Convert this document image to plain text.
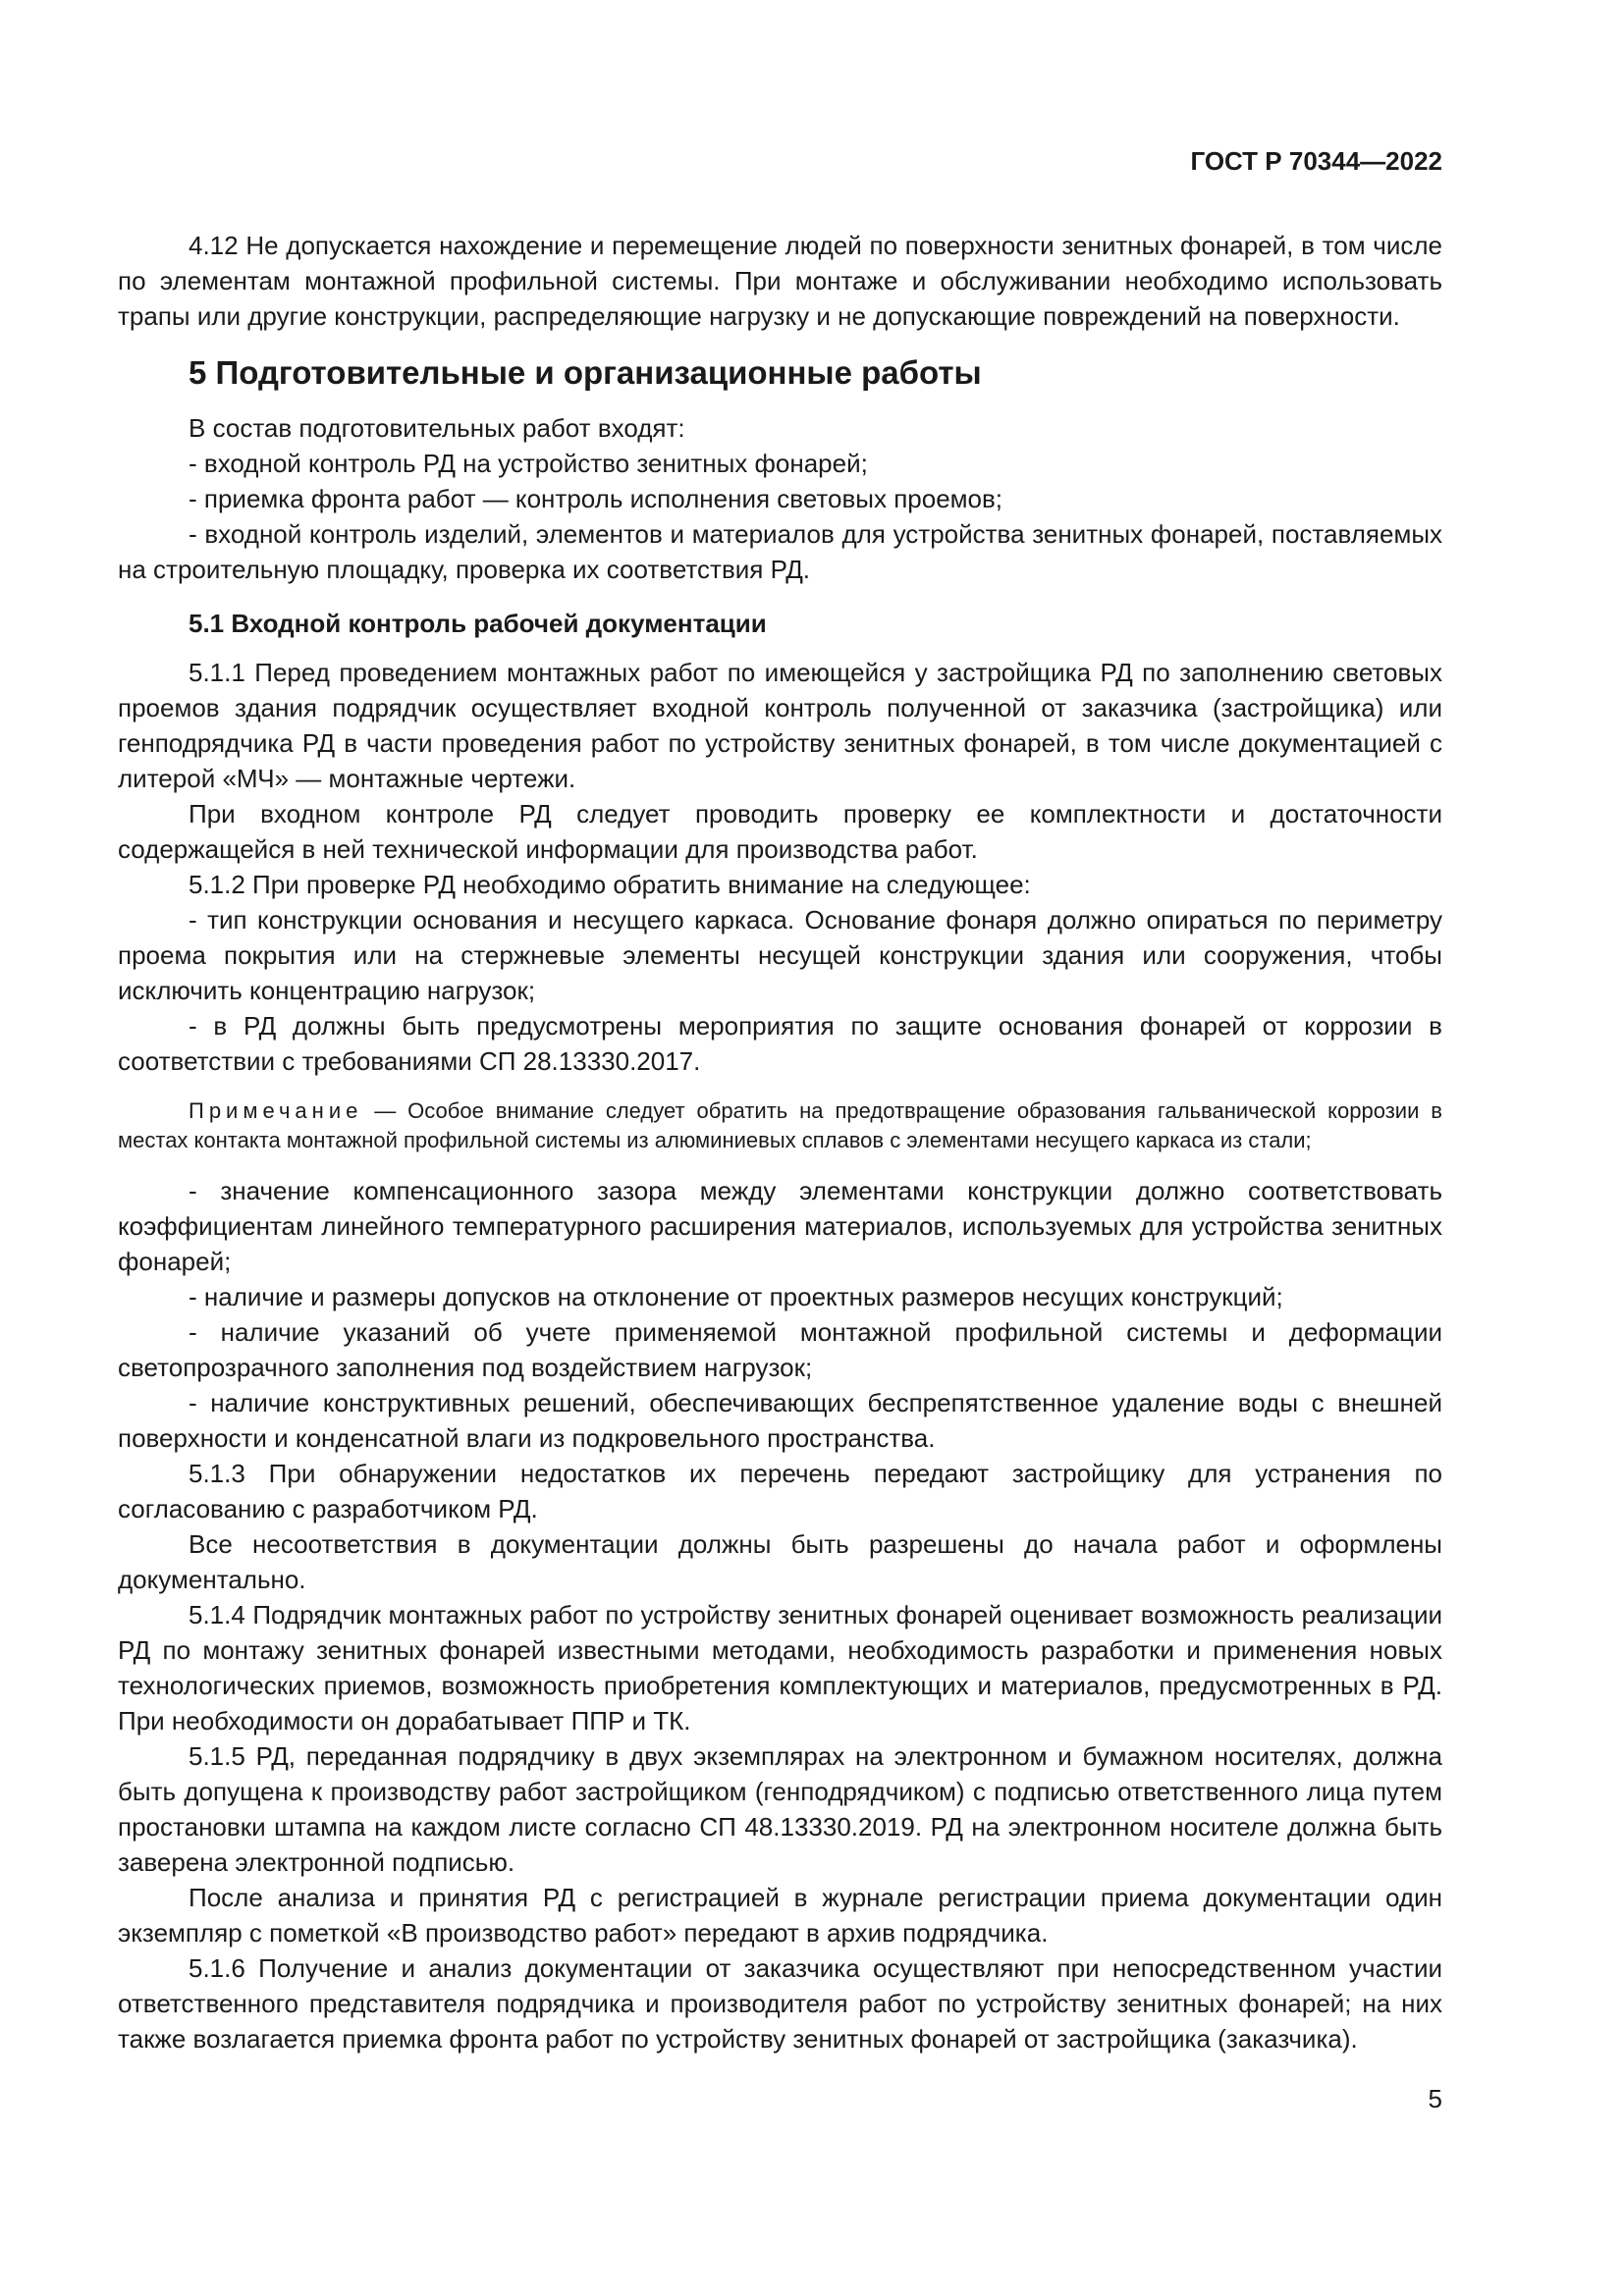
ГОСТ Р 70344—2022

4.12 Не допускается нахождение и перемещение людей по поверхности зенитных фонарей, в том числе по элементам монтажной профильной системы. При монтаже и обслуживании необходимо использовать трапы или другие конструкции, распределяющие нагрузку и не допускающие повреждений на поверхности.

5 Подготовительные и организационные работы

В состав подготовительных работ входят:

- входной контроль РД на устройство зенитных фонарей;

- приемка фронта работ — контроль исполнения световых проемов;

- входной контроль изделий, элементов и материалов для устройства зенитных фонарей, поставляемых на строительную площадку, проверка их соответствия РД.

5.1 Входной контроль рабочей документации

5.1.1 Перед проведением монтажных работ по имеющейся у застройщика РД по заполнению световых проемов здания подрядчик осуществляет входной контроль полученной от заказчика (застройщика) или генподрядчика РД в части проведения работ по устройству зенитных фонарей, в том числе документацией с литерой «МЧ» — монтажные чертежи.

При входном контроле РД следует проводить проверку ее комплектности и достаточности содержащейся в ней технической информации для производства работ.

5.1.2 При проверке РД необходимо обратить внимание на следующее:

- тип конструкции основания и несущего каркаса. Основание фонаря должно опираться по периметру проема покрытия или на стержневые элементы несущей конструкции здания или сооружения, чтобы исключить концентрацию нагрузок;

- в РД должны быть предусмотрены мероприятия по защите основания фонарей от коррозии в соответствии с требованиями СП 28.13330.2017.

Примечание — Особое внимание следует обратить на предотвращение образования гальванической коррозии в местах контакта монтажной профильной системы из алюминиевых сплавов с элементами несущего каркаса из стали;

- значение компенсационного зазора между элементами конструкции должно соответствовать коэффициентам линейного температурного расширения материалов, используемых для устройства зенитных фонарей;

- наличие и размеры допусков на отклонение от проектных размеров несущих конструкций;

- наличие указаний об учете применяемой монтажной профильной системы и деформации светопрозрачного заполнения под воздействием нагрузок;

- наличие конструктивных решений, обеспечивающих беспрепятственное удаление воды с внешней поверхности и конденсатной влаги из подкровельного пространства.

5.1.3 При обнаружении недостатков их перечень передают застройщику для устранения по согласованию с разработчиком РД.

Все несоответствия в документации должны быть разрешены до начала работ и оформлены документально.

5.1.4 Подрядчик монтажных работ по устройству зенитных фонарей оценивает возможность реализации РД по монтажу зенитных фонарей известными методами, необходимость разработки и применения новых технологических приемов, возможность приобретения комплектующих и материалов, предусмотренных в РД. При необходимости он дорабатывает ППР и ТК.

5.1.5 РД, переданная подрядчику в двух экземплярах на электронном и бумажном носителях, должна быть допущена к производству работ застройщиком (генподрядчиком) с подписью ответственного лица путем простановки штампа на каждом листе согласно СП 48.13330.2019. РД на электронном носителе должна быть заверена электронной подписью.

После анализа и принятия РД с регистрацией в журнале регистрации приема документации один экземпляр с пометкой «В производство работ» передают в архив подрядчика.

5.1.6 Получение и анализ документации от заказчика осуществляют при непосредственном участии ответственного представителя подрядчика и производителя работ по устройству зенитных фонарей; на них также возлагается приемка фронта работ по устройству зенитных фонарей от застройщика (заказчика).

5
